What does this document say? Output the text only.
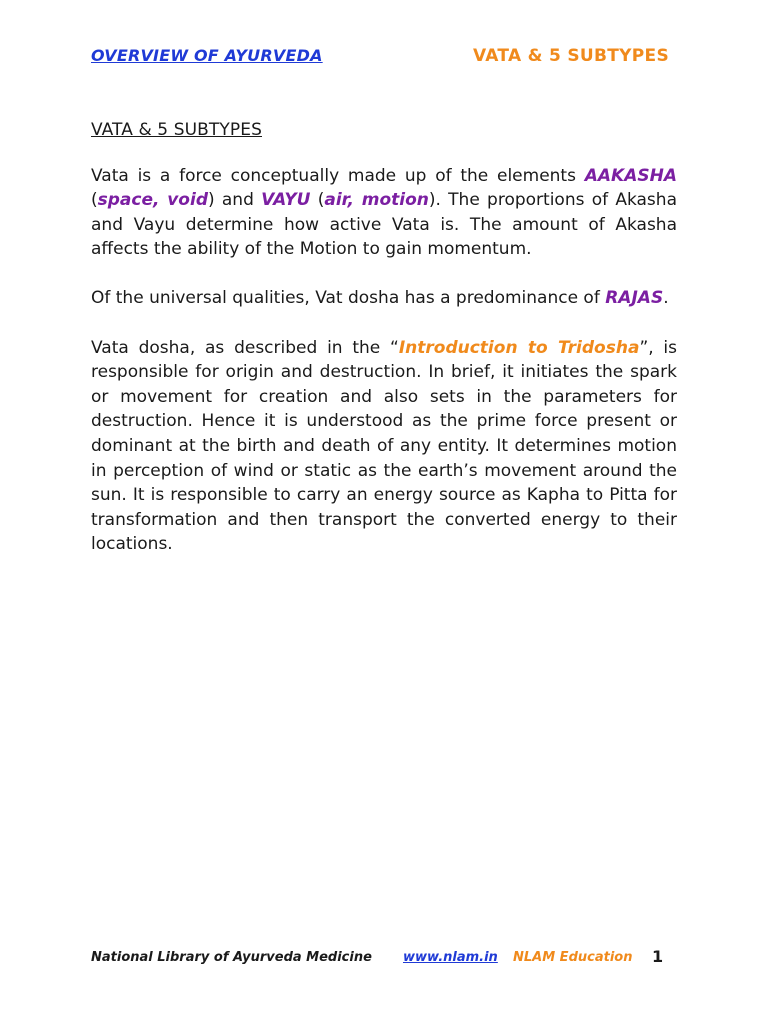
OVERVIEW OF AYURVEDA	VATA & 5 SUBTYPES
VATA & 5 SUBTYPES

Vata is a force conceptually made up of the elements AAKASHA (space, void) and VAYU (air, motion). The proportions of Akasha and Vayu determine how active Vata is. The amount of Akasha affects the ability of the Motion to gain momentum.

Of the universal qualities, Vat dosha has a predominance of RAJAS.

Vata dosha, as described in the “Introduction to Tridosha”, is responsible for origin and destruction. In brief, it initiates the spark or movement for creation and also sets in the parameters for destruction. Hence it is understood as the prime force present or dominant at the birth and death of any entity. It determines motion in perception of wind or static as the earth’s movement around the sun. It is responsible to carry an energy source as Kapha to Pitta for transformation and then transport the converted energy to their locations.

National Library of Ayurveda Medicine www.nlam.in NLAM Education 1
